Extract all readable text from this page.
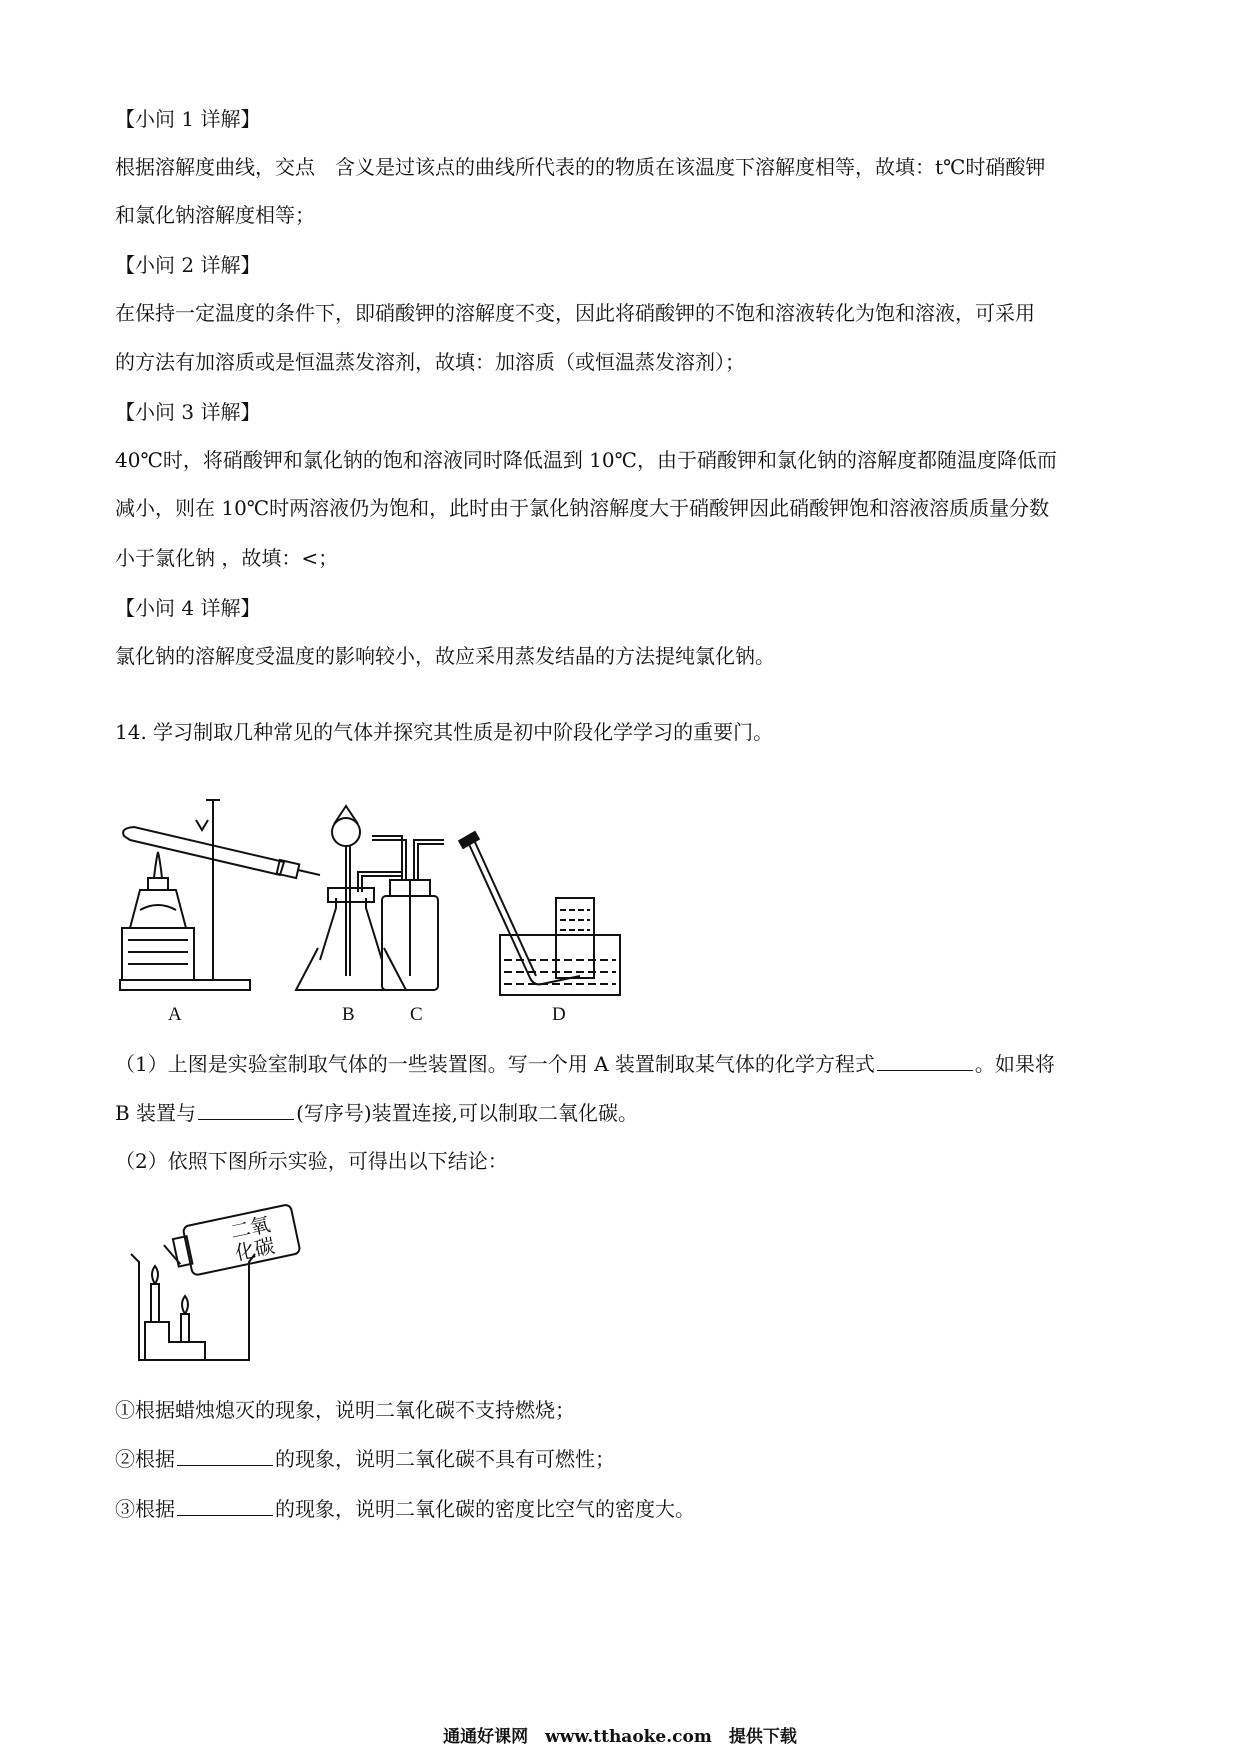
【小问 1 详解】
根据溶解度曲线，交点　含义是过该点的曲线所代表的的物质在该温度下溶解度相等，故填：t℃时硝酸钾
和氯化钠溶解度相等；
【小问 2 详解】
在保持一定温度的条件下，即硝酸钾的溶解度不变，因此将硝酸钾的不饱和溶液转化为饱和溶液，可采用
的方法有加溶质或是恒温蒸发溶剂，故填：加溶质（或恒温蒸发溶剂）；
【小问 3 详解】
40℃时，将硝酸钾和氯化钠的饱和溶液同时降低温到 10℃，由于硝酸钾和氯化钠的溶解度都随温度降低而
减小，则在 10℃时两溶液仍为饱和，此时由于氯化钠溶解度大于硝酸钾因此硝酸钾饱和溶液溶质质量分数
小于氯化钠 ，故填：<；
【小问 4 详解】
氯化钠的溶解度受温度的影响较小，故应采用蒸发结晶的方法提纯氯化钠。
14. 学习制取几种常见的气体并探究其性质是初中阶段化学学习的重要门。
A	B	C	D
（1）上图是实验室制取气体的一些装置图。写一个用 A 装置制取某气体的化学方程式	。如果将
B 装置与	(写序号)装置连接,可以制取二氧化碳。
（2）依照下图所示实验，可得出以下结论：
二氧
化碳
①根据蜡烛熄灭的现象，说明二氧化碳不支持燃烧；
②根据	的现象，说明二氧化碳不具有可燃性；
③根据	的现象，说明二氧化碳的密度比空气的密度大。
通通好课网　www.tthaoke.com　提供下载
